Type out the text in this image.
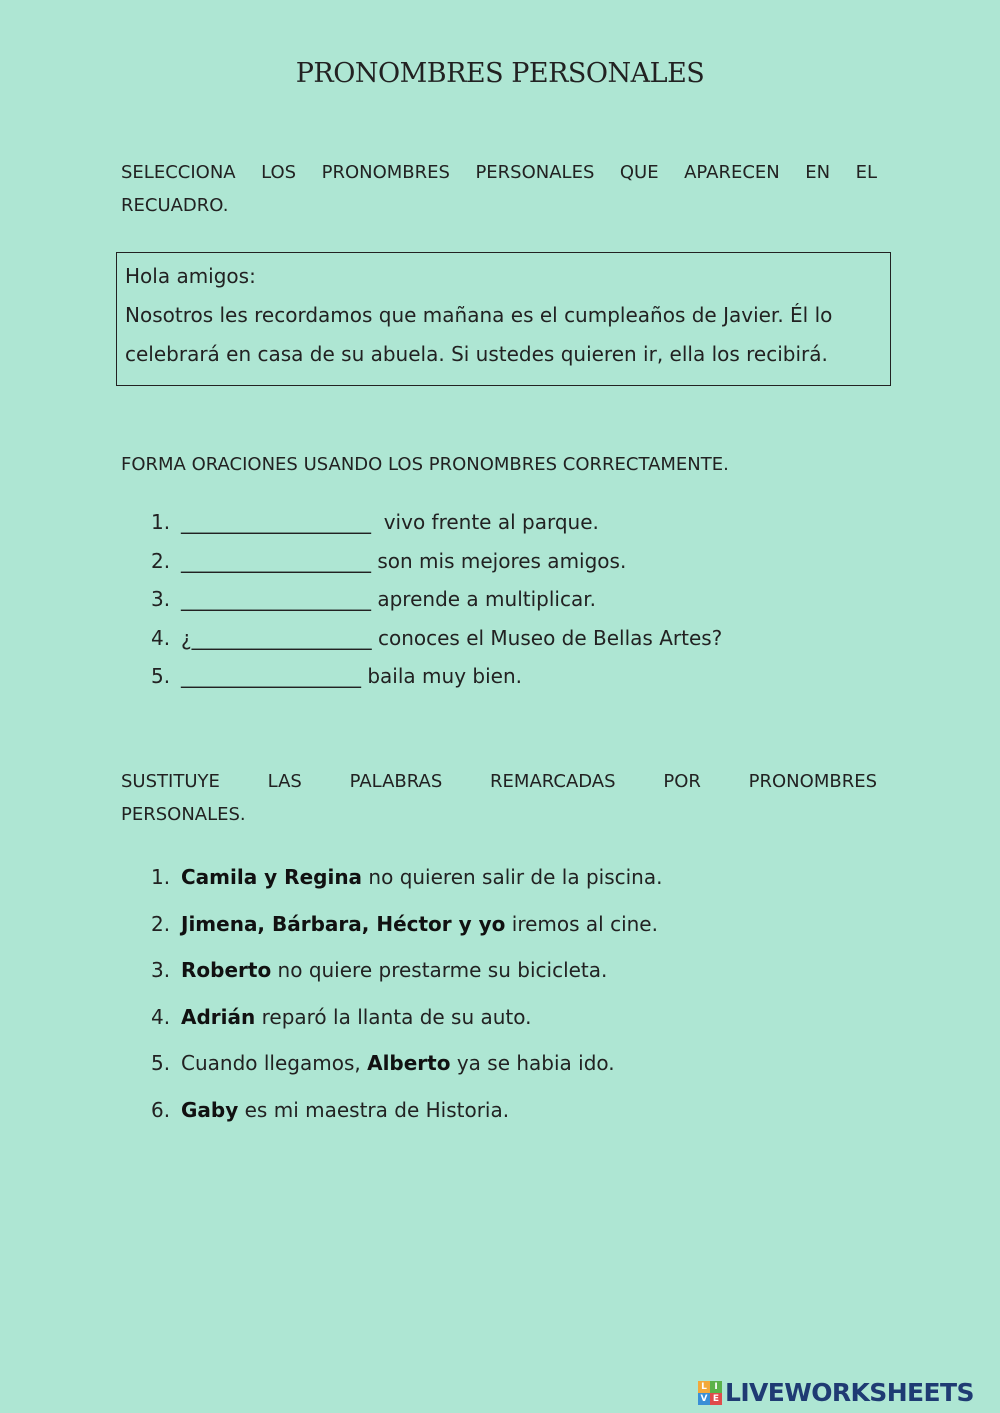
PRONOMBRES PERSONALES
SELECCIONA LOS PRONOMBRES PERSONALES QUE APARECEN EN EL
RECUADRO.
Hola amigos:
Nosotros les recordamos que mañana es el cumpleaños de Javier. Él lo
celebrará en casa de su abuela. Si ustedes quieren ir, ella los recibirá.
FORMA ORACIONES USANDO LOS PRONOMBRES CORRECTAMENTE.
1. ___________________ vivo frente al parque.
2. ___________________ son mis mejores amigos.
3. ___________________ aprende a multiplicar.
4. ¿__________________ conoces el Museo de Bellas Artes?
5. __________________ baila muy bien.
SUSTITUYE LAS PALABRAS REMARCADAS POR PRONOMBRES
PERSONALES.
1. Camila y Regina no quieren salir de la piscina.
2. Jimena, Bárbara, Héctor y yo iremos al cine.
3. Roberto no quiere prestarme su bicicleta.
4. Adrián reparó la llanta de su auto.
5. Cuando llegamos, Alberto ya se habia ido.
6. Gaby es mi maestra de Historia.
L I
V E LIVEWORKSHEETS
